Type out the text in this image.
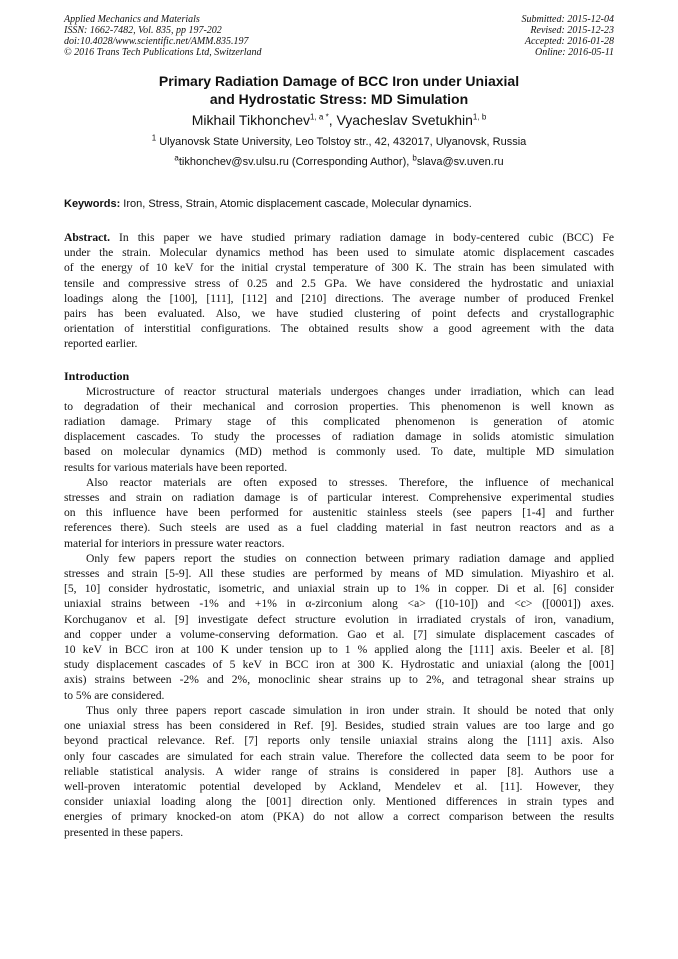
Applied Mechanics and Materials
ISSN: 1662-7482, Vol. 835, pp 197-202
doi:10.4028/www.scientific.net/AMM.835.197
© 2016 Trans Tech Publications Ltd, Switzerland
Submitted: 2015-12-04
Revised: 2015-12-23
Accepted: 2016-01-28
Online: 2016-05-11
Primary Radiation Damage of BCC Iron under Uniaxial
and Hydrostatic Stress: MD Simulation
Mikhail Tikhonchev$^{1, a *}$, Vyacheslav Svetukhin$^{1, b}$
$^1$ Ulyanovsk State University, Leo Tolstoy str., 42, 432017, Ulyanovsk, Russia
$^a$tikhonchev@sv.ulsu.ru (Corresponding Author), $^b$slava@sv.uven.ru
Keywords: Iron, Stress, Strain, Atomic displacement cascade, Molecular dynamics.
Abstract. In this paper we have studied primary radiation damage in body-centered cubic (BCC) Fe
under the strain. Molecular dynamics method has been used to simulate atomic displacement cascades
of the energy of 10 keV for the initial crystal temperature of 300 K. The strain has been simulated with
tensile and compressive stress of 0.25 and 2.5 GPa. We have considered the hydrostatic and uniaxial
loadings along the [100], [111], [112] and [210] directions. The average number of produced Frenkel
pairs has been evaluated. Also, we have studied clustering of point defects and crystallographic
orientation of interstitial configurations. The obtained results show a good agreement with the data
reported earlier.
Introduction
Microstructure of reactor structural materials undergoes changes under irradiation, which can lead
to degradation of their mechanical and corrosion properties. This phenomenon is well known as
radiation damage. Primary stage of this complicated phenomenon is generation of atomic
displacement cascades. To study the processes of radiation damage in solids atomistic simulation
based on molecular dynamics (MD) method is commonly used. To date, multiple MD simulation
results for various materials have been reported.
Also reactor materials are often exposed to stresses. Therefore, the influence of mechanical
stresses and strain on radiation damage is of particular interest. Comprehensive experimental studies
on this influence have been performed for austenitic stainless steels (see papers [1-4] and further
references there). Such steels are used as a fuel cladding material in fast neutron reactors and as a
material for interiors in pressure water reactors.
Only few papers report the studies on connection between primary radiation damage and applied
stresses and strain [5-9]. All these studies are performed by means of MD simulation. Miyashiro et al.
[5, 10] consider hydrostatic, isometric, and uniaxial strain up to 1% in copper. Di et al. [6] consider
uniaxial strains between -1% and +1% in α-zirconium along <a> ([10-10]) and <c> ([0001]) axes.
Korchuganov et al. [9] investigate defect structure evolution in irradiated crystals of iron, vanadium,
and copper under a volume-conserving deformation. Gao et al. [7] simulate displacement cascades of
10 keV in BCC iron at 100 K under tension up to 1 % applied along the [111] axis. Beeler et al. [8]
study displacement cascades of 5 keV in BCC iron at 300 K. Hydrostatic and uniaxial (along the [001]
axis) strains between -2% and 2%, monoclinic shear strains up to 2%, and tetragonal shear strains up
to 5% are considered.
Thus only three papers report cascade simulation in iron under strain. It should be noted that only
one uniaxial stress has been considered in Ref. [9]. Besides, studied strain values are too large and go
beyond practical relevance. Ref. [7] reports only tensile uniaxial strains along the [111] axis. Also
only four cascades are simulated for each strain value. Therefore the collected data seem to be poor for
reliable statistical analysis. A wider range of strains is considered in paper [8]. Authors use a
well-proven interatomic potential developed by Ackland, Mendelev et al. [11]. However, they
consider uniaxial loading along the [001] direction only. Mentioned differences in strain types and
energies of primary knocked-on atom (PKA) do not allow a correct comparison between the results
presented in these papers.
